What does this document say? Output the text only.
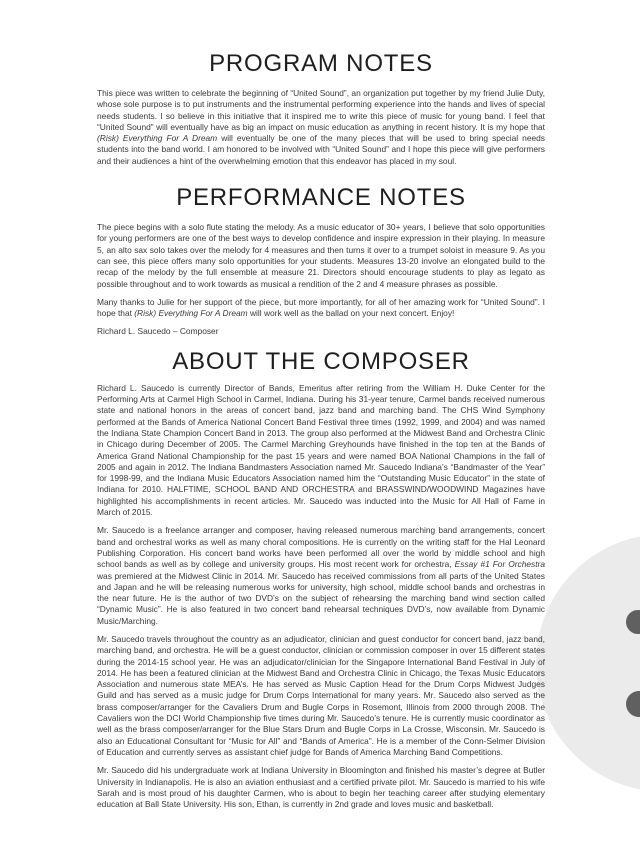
PROGRAM NOTES

This piece was written to celebrate the beginning of “United Sound”, an organization put together by my friend Julie Duty, whose sole purpose is to put instruments and the instrumental performing experience into the hands and lives of special needs students. I so believe in this initiative that it inspired me to write this piece of music for young band. I feel that “United Sound” will eventually have as big an impact on music education as anything in recent history. It is my hope that (Risk) Everything For A Dream will eventually be one of the many pieces that will be used to bring special needs students into the band world. I am honored to be involved with “United Sound” and I hope this piece will give performers and their audiences a hint of the overwhelming emotion that this endeavor has placed in my soul.

PERFORMANCE NOTES

The piece begins with a solo flute stating the melody. As a music educator of 30+ years, I believe that solo opportunities for young performers are one of the best ways to develop confidence and inspire expression in their playing. In measure 5, an alto sax solo takes over the melody for 4 measures and then turns it over to a trumpet soloist in measure 9. As you can see, this piece offers many solo opportunities for your students. Measures 13-20 involve an elongated build to the recap of the melody by the full ensemble at measure 21. Directors should encourage students to play as legato as possible throughout and to work towards as musical a rendition of the 2 and 4 measure phrases as possible.

Many thanks to Julie for her support of the piece, but more importantly, for all of her amazing work for “United Sound”. I hope that (Risk) Everything For A Dream will work well as the ballad on your next concert. Enjoy!

Richard L. Saucedo – Composer

ABOUT THE COMPOSER

Richard L. Saucedo is currently Director of Bands, Emeritus after retiring from the William H. Duke Center for the Performing Arts at Carmel High School in Carmel, Indiana. During his 31-year tenure, Carmel bands received numerous state and national honors in the areas of concert band, jazz band and marching band. The CHS Wind Symphony performed at the Bands of America National Concert Band Festival three times (1992, 1999, and 2004) and was named the Indiana State Champion Concert Band in 2013. The group also performed at the Midwest Band and Orchestra Clinic in Chicago during December of 2005. The Carmel Marching Greyhounds have finished in the top ten at the Bands of America Grand National Championship for the past 15 years and were named BOA National Champions in the fall of 2005 and again in 2012. The Indiana Bandmasters Association named Mr. Saucedo Indiana’s “Bandmaster of the Year” for 1998-99, and the Indiana Music Educators Association named him the “Outstanding Music Educator” in the state of Indiana for 2010. HALFTIME, SCHOOL BAND AND ORCHESTRA and BRASSWIND/WOODWIND Magazines have highlighted his accomplishments in recent articles. Mr. Saucedo was inducted into the Music for All Hall of Fame in March of 2015.

Mr. Saucedo is a freelance arranger and composer, having released numerous marching band arrangements, concert band and orchestral works as well as many choral compositions. He is currently on the writing staff for the Hal Leonard Publishing Corporation. His concert band works have been performed all over the world by middle school and high school bands as well as by college and university groups. His most recent work for orchestra, Essay #1 For Orchestra was premiered at the Midwest Clinic in 2014. Mr. Saucedo has received commissions from all parts of the United States and Japan and he will be releasing numerous works for university, high school, middle school bands and orchestras in the near future. He is the author of two DVD’s on the subject of rehearsing the marching band wind section called “Dynamic Music”. He is also featured in two concert band rehearsal techniques DVD’s, now available from Dynamic Music/Marching.

Mr. Saucedo travels throughout the country as an adjudicator, clinician and guest conductor for concert band, jazz band, marching band, and orchestra. He will be a guest conductor, clinician or commission composer in over 15 different states during the 2014-15 school year. He was an adjudicator/clinician for the Singapore International Band Festival in July of 2014. He has been a featured clinician at the Midwest Band and Orchestra Clinic in Chicago, the Texas Music Educators Association and numerous state MEA’s. He has served as Music Caption Head for the Drum Corps Midwest Judges Guild and has served as a music judge for Drum Corps International for many years. Mr. Saucedo also served as the brass composer/arranger for the Cavaliers Drum and Bugle Corps in Rosemont, Illinois from 2000 through 2008. The Cavaliers won the DCI World Championship five times during Mr. Saucedo’s tenure. He is currently music coordinator as well as the brass composer/arranger for the Blue Stars Drum and Bugle Corps in La Crosse, Wisconsin. Mr. Saucedo is also an Educational Consultant for “Music for All” and “Bands of America”. He is a member of the Conn-Selmer Division of Education and currently serves as assistant chief judge for Bands of America Marching Band Competitions.

Mr. Saucedo did his undergraduate work at Indiana University in Bloomington and finished his master’s degree at Butler University in Indianapolis. He is also an aviation enthusiast and a certified private pilot. Mr. Saucedo is married to his wife Sarah and is most proud of his daughter Carmen, who is about to begin her teaching career after studying elementary education at Ball State University. His son, Ethan, is currently in 2nd grade and loves music and basketball.
